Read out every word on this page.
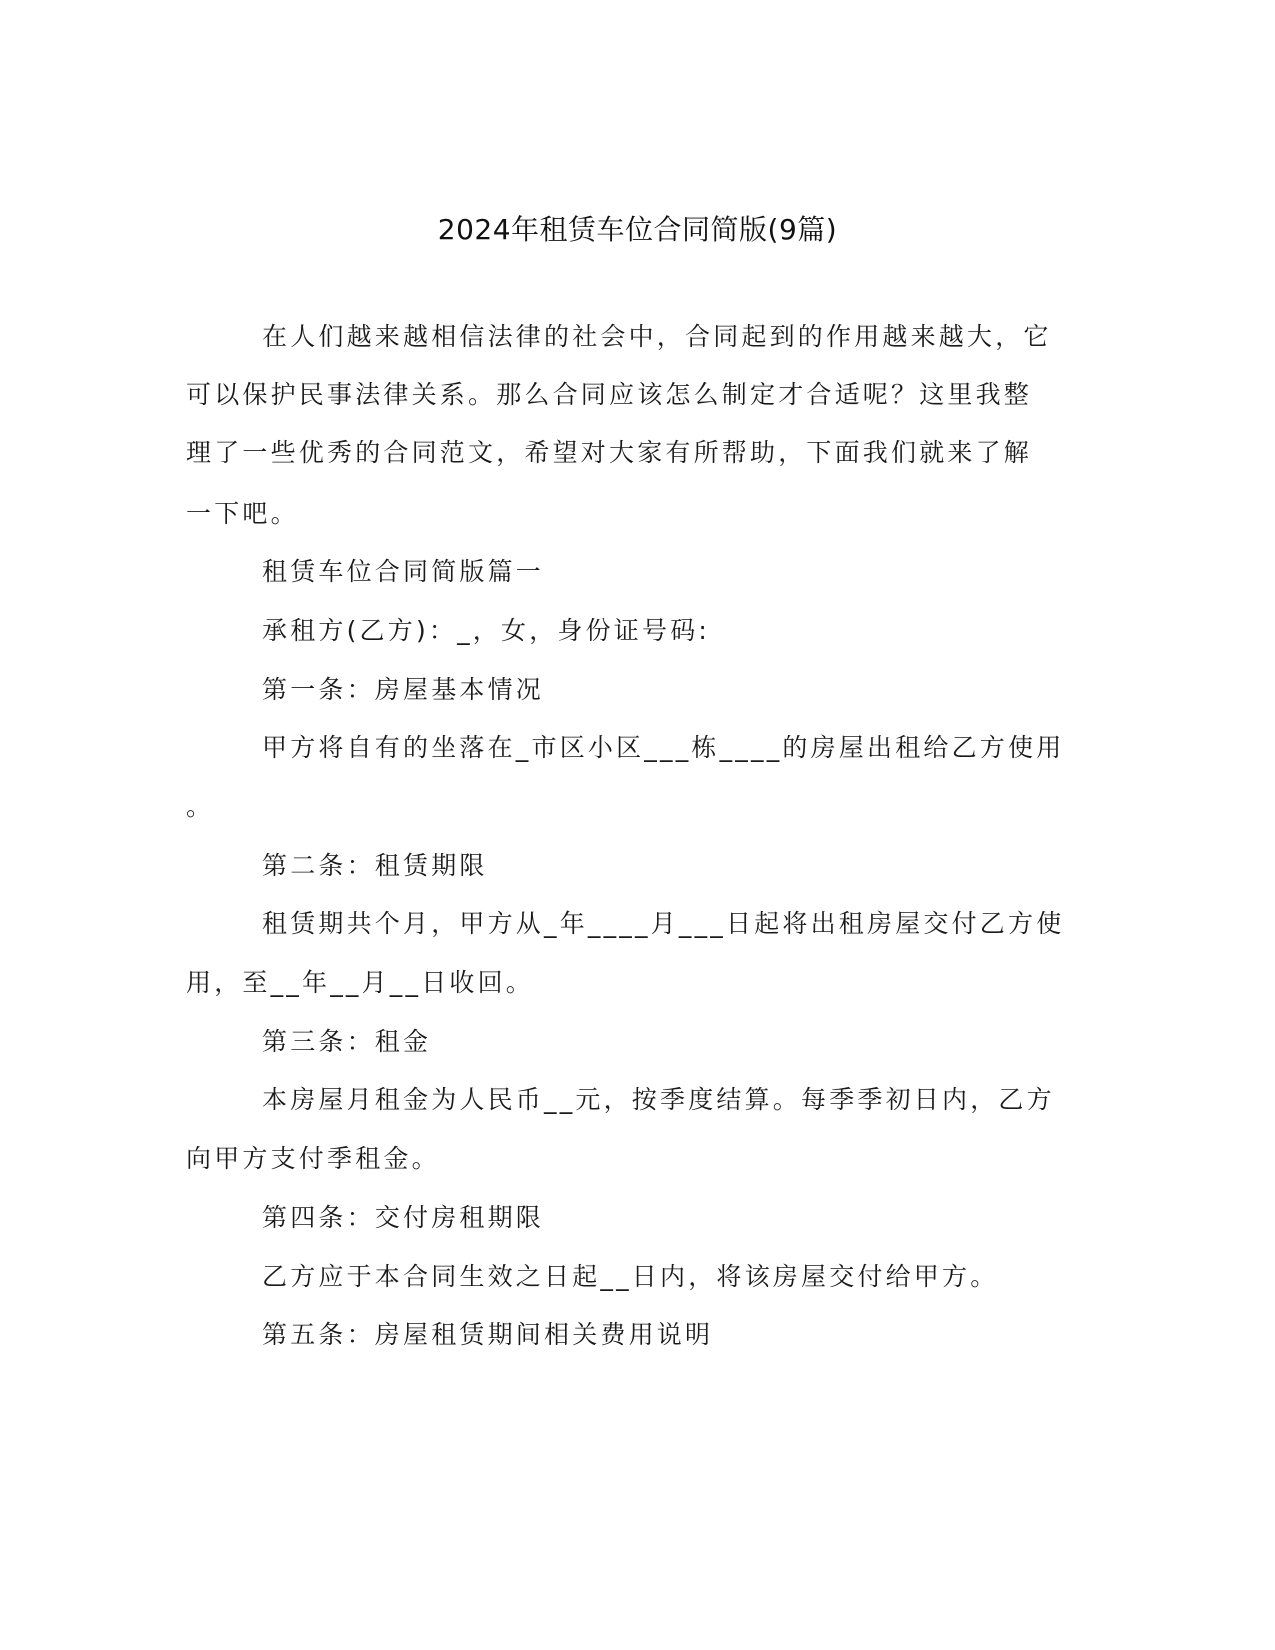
2024年租赁车位合同简版(9篇)
在人们越来越相信法律的社会中，合同起到的作用越来越大，它
可以保护民事法律关系。那么合同应该怎么制定才合适呢？这里我整
理了一些优秀的合同范文，希望对大家有所帮助，下面我们就来了解
一下吧。
租赁车位合同简版篇一
承租方(乙方)：_，女，身份证号码:
第一条：房屋基本情况
甲方将自有的坐落在_市区小区___栋____的房屋出租给乙方使用
。
第二条：租赁期限
租赁期共个月，甲方从_年____月___日起将出租房屋交付乙方使
用，至__年__月__日收回。
第三条：租金
本房屋月租金为人民币__元，按季度结算。每季季初日内，乙方
向甲方支付季租金。
第四条：交付房租期限
乙方应于本合同生效之日起__日内，将该房屋交付给甲方。
第五条：房屋租赁期间相关费用说明
